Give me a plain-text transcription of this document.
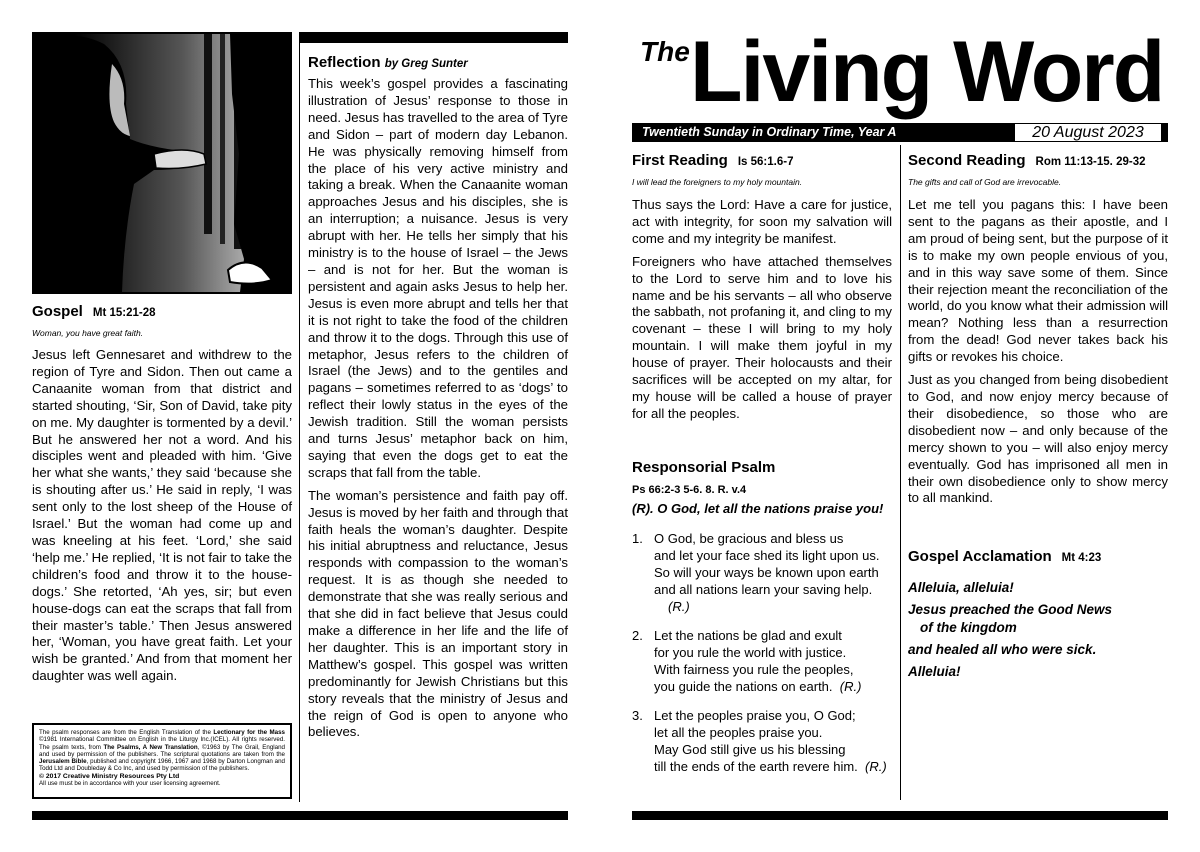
Gospel Mt 15:21-28

Woman, you have great faith.

Jesus left Gennesaret and withdrew to the region of Tyre and Sidon. Then out came a Canaanite woman from that district and started shouting, ‘Sir, Son of David, take pity on me. My daughter is tormented by a devil.’ But he answered her not a word. And his disciples went and pleaded with him. ‘Give her what she wants,’ they said ‘because she is shouting after us.’ He said in reply, ‘I was sent only to the lost sheep of the House of Israel.’ But the woman had come up and was kneeling at his feet. ‘Lord,’ she said ‘help me.’ He replied, ‘It is not fair to take the children’s food and throw it to the house-dogs.’ She retorted, ‘Ah yes, sir; but even house-dogs can eat the scraps that fall from their master’s table.’ Then Jesus answered her, ‘Woman, you have great faith. Let your wish be granted.’ And from that moment her daughter was well again.

The psalm responses are from the English Translation of the Lectionary for the Mass ©1981 International Committee on English in the Liturgy Inc.(ICEL). All rights reserved. The psalm texts, from The Psalms, A New Translation, ©1963 by The Grail, England and used by permission of the publishers. The scriptural quotations are taken from the Jerusalem Bible, published and copyright 1966, 1967 and 1968 by Darton Longman and Todd Ltd and Doubleday & Co Inc, and used by permission of the publishers.
© 2017 Creative Ministry Resources Pty Ltd
All use must be in accordance with your user licensing agreement.

Reflection by Greg Sunter

This week’s gospel provides a fascinating illustration of Jesus’ response to those in need. Jesus has travelled to the area of Tyre and Sidon – part of modern day Lebanon. He was physically removing himself from the place of his very active ministry and taking a break. When the Canaanite woman approaches Jesus and his disciples, she is an interruption; a nuisance. Jesus is very abrupt with her. He tells her simply that his ministry is to the house of Israel – the Jews – and is not for her. But the woman is persistent and again asks Jesus to help her. Jesus is even more abrupt and tells her that it is not right to take the food of the children and throw it to the dogs. Through this use of metaphor, Jesus refers to the children of Israel (the Jews) and to the gentiles and pagans – sometimes referred to as ‘dogs’ to reflect their lowly status in the eyes of the Jewish tradition. Still the woman persists and turns Jesus’ metaphor back on him, saying that even the dogs get to eat the scraps that fall from the table.

The woman’s persistence and faith pay off. Jesus is moved by her faith and through that faith heals the woman’s daughter. Despite his initial abruptness and reluctance, Jesus responds with compassion to the woman’s request. It is as though she needed to demonstrate that she was really serious and that she did in fact believe that Jesus could make a difference in her life and the life of her daughter. This is an important story in Matthew’s gospel. This gospel was written predominantly for Jewish Christians but this story reveals that the ministry of Jesus and the reign of God is open to anyone who believes.

The Living Word
Twentieth Sunday in Ordinary Time, Year A	20 August 2023

First Reading Is 56:1.6-7

I will lead the foreigners to my holy mountain.

Thus says the Lord: Have a care for justice, act with integrity, for soon my salvation will come and my integrity be manifest.

Foreigners who have attached themselves to the Lord to serve him and to love his name and be his servants – all who observe the sabbath, not profaning it, and cling to my covenant – these I will bring to my holy mountain. I will make them joyful in my house of prayer. Their holocausts and their sacrifices will be accepted on my altar, for my house will be called a house of prayer for all the peoples.

Responsorial Psalm

Ps 66:2-3 5-6. 8. R. v.4

(R). O God, let all the nations praise you!

1. O God, be gracious and bless us
and let your face shed its light upon us.
So will your ways be known upon earth
and all nations learn your saving help.
(R.)
2. Let the nations be glad and exult
for you rule the world with justice.
With fairness you rule the peoples,
you guide the nations on earth. (R.)
3. Let the peoples praise you, O God;
let all the peoples praise you.
May God still give us his blessing
till the ends of the earth revere him. (R.)

Second Reading Rom 11:13-15. 29-32

The gifts and call of God are irrevocable.

Let me tell you pagans this: I have been sent to the pagans as their apostle, and I am proud of being sent, but the purpose of it is to make my own people envious of you, and in this way save some of them. Since their rejection meant the reconciliation of the world, do you know what their admission will mean? Nothing less than a resurrection from the dead! God never takes back his gifts or revokes his choice.

Just as you changed from being disobedient to God, and now enjoy mercy because of their disobedience, so those who are disobedient now – and only because of the mercy shown to you – will also enjoy mercy eventually. God has imprisoned all men in their own disobedience only to show mercy to all mankind.

Gospel Acclamation Mt 4:23

Alleluia, alleluia!

Jesus preached the Good News

of the kingdom

and healed all who were sick.

Alleluia!
